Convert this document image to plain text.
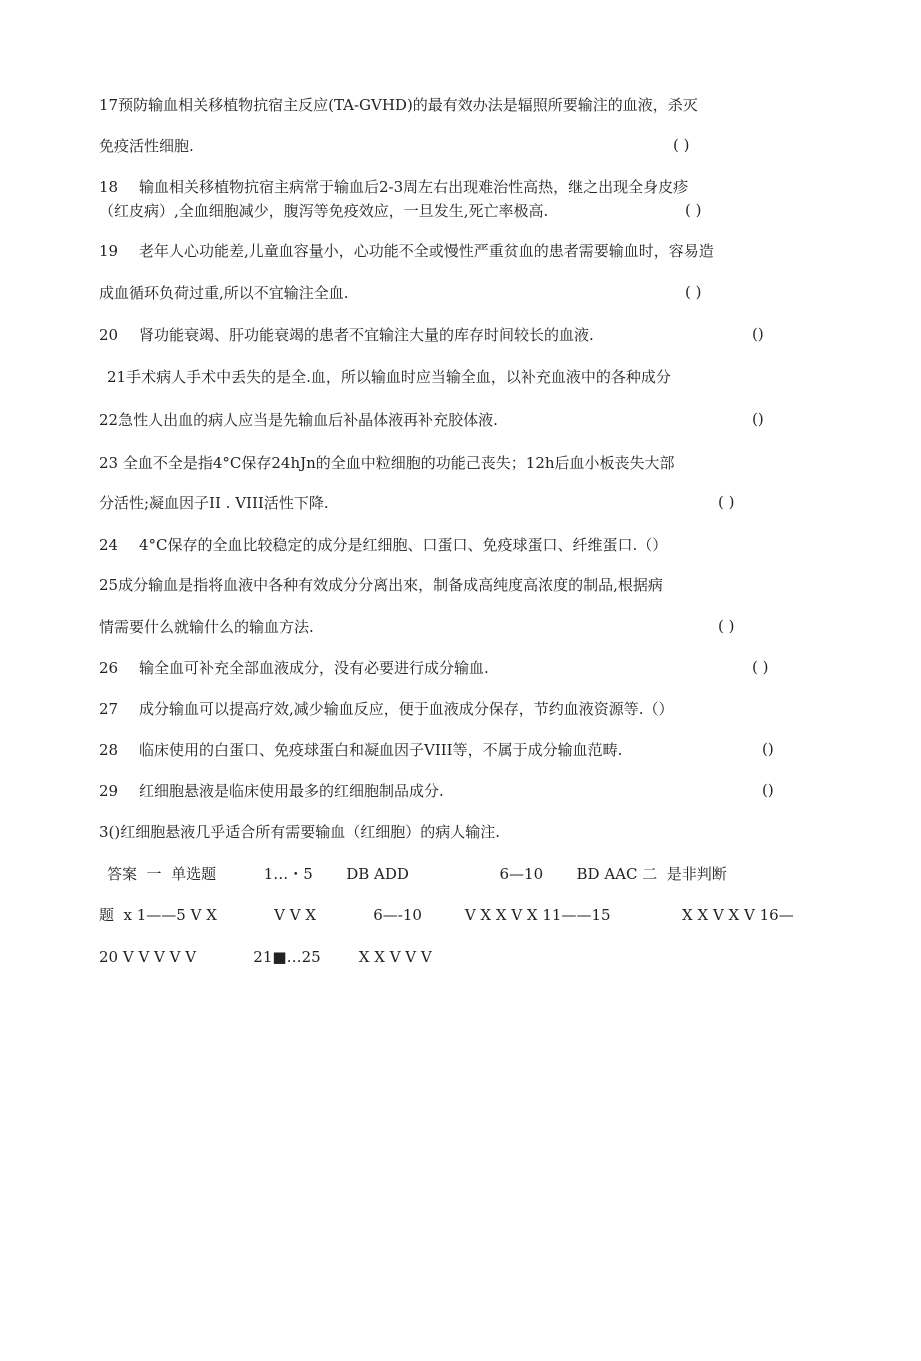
17预防输血相关移植物抗宿主反应(TA-GVHD)的最有效办法是辐照所要输注的血液，杀灭
免疫活性细胞.	( )
18 输血相关移植物抗宿主病常于输血后2-3周左右出现难治性高热，继之出现全身皮疹
（红皮病）,全血细胞减少，腹泻等免疫效应，一旦发生,死亡率极高.	( )
19 老年人心功能差,儿童血容量小，心功能不全或慢性严重贫血的患者需要输血时，容易造
成血循环负荷过重,所以不宜输注全血.	( )
20 肾功能衰竭、肝功能衰竭的患者不宜输注大量的库存时间较长的血液.	()
21手术病人手术中丢失的是全.血，所以输血时应当输全血，以补充血液中的各种成分
22急性人出血的病人应当是先输血后补晶体液再补充胶体液.	()
23 全血不全是指4°C保存24hJn的全血中粒细胞的功能己丧失；12h后血小板丧失大部
分活性;凝血因子II . VIII活性下降.	( )
24 4°C保存的全血比较稳定的成分是红细胞、口蛋口、免疫球蛋口、纤维蛋口.（）
25成分输血是指将血液中各种有效成分分离出來，制备成高纯度高浓度的制品,根据病
情需要什么就输什么的输血方法.	( )
26 输全血可补充全部血液成分，没有必要进行成分输血.	( )
27 成分输血可以提高疗效,减少输血反应，便于血液成分保存，节约血液资源等.（）
28 临床使用的白蛋口、免疫球蛋白和凝血因子VIII等，不属于成分输血范畴.	()
29 红细胞悬液是临床使用最多的红细胞制品成分.	()
3()红细胞悬液几乎适合所有需要输血（红细胞）的病人输注.
答案  一  单选题          1…・5       DB ADD                   6—10       BD AAC 二  是非判断
题  x 1——5 V X            V V X            6—-10         V X X V X 11——15               X X V X V 16—
20 V V V V V            21■…25        X X V V V
